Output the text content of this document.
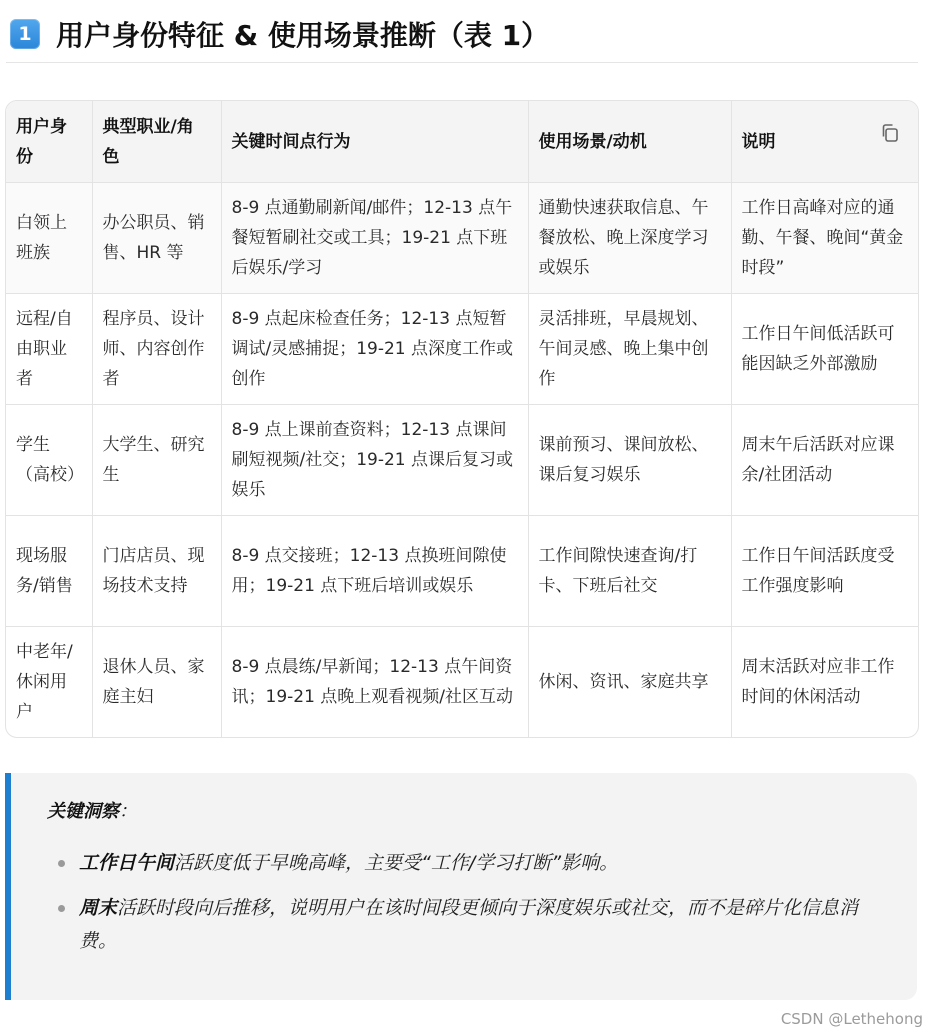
1 用户身份特征 & 使用场景推断（表 1）
用户身份	典型职业/角色	关键时间点行为	使用场景/动机	说明

白领上班族	办公职员、销售、HR 等	8-9 点通勤刷新闻/邮件；12-13 点午餐短暂刷社交或工具；19-21 点下班后娱乐/学习	通勤快速获取信息、午餐放松、晚上深度学习或娱乐	工作日高峰对应的通勤、午餐、晚间“黄金时段”
远程/自由职业者	程序员、设计师、内容创作者	8-9 点起床检查任务；12-13 点短暂调试/灵感捕捉；19-21 点深度工作或创作	灵活排班，早晨规划、午间灵感、晚上集中创作	工作日午间低活跃可能因缺乏外部激励
学生（高校）	大学生、研究生	8-9 点上课前查资料；12-13 点课间刷短视频/社交；19-21 点课后复习或娱乐	课前预习、课间放松、课后复习娱乐	周末午后活跃对应课余/社团活动
现场服务/销售	门店店员、现场技术支持	8-9 点交接班；12-13 点换班间隙使用；19-21 点下班后培训或娱乐	工作间隙快速查询/打卡、下班后社交	工作日午间活跃度受工作强度影响
中老年/休闲用户	退休人员、家庭主妇	8-9 点晨练/早新闻；12-13 点午间资讯；19-21 点晚上观看视频/社区互动	休闲、资讯、家庭共享	周末活跃对应非工作时间的休闲活动
关键洞察：
工作日午间活跃度低于早晚高峰，主要受“工作/学习打断”影响。
周末活跃时段向后推移，说明用户在该时间段更倾向于深度娱乐或社交，而不是碎片化信息消费。
CSDN @Lethehong
